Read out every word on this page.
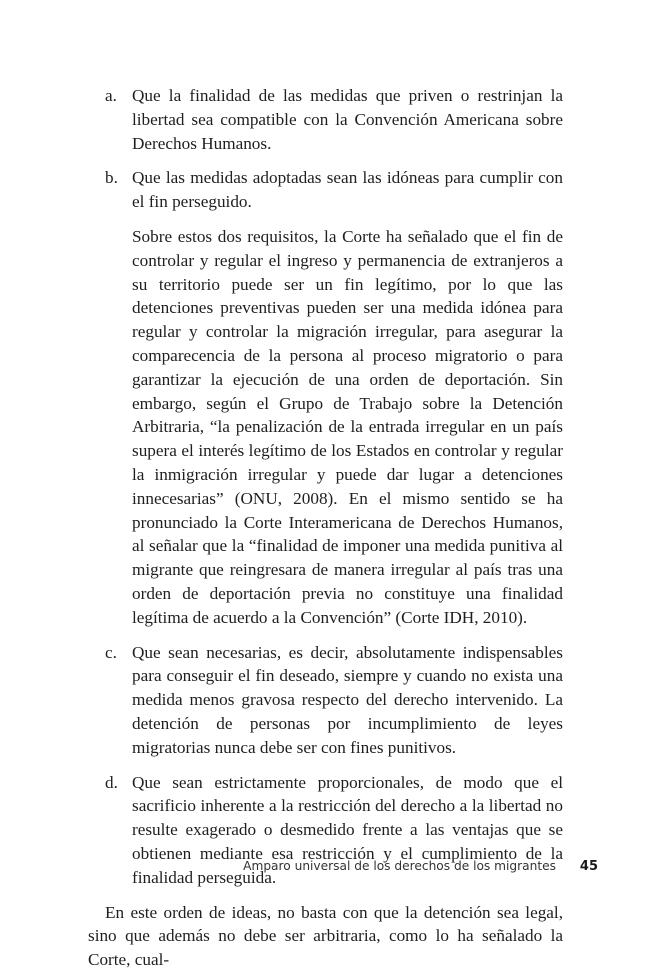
a. Que la finalidad de las medidas que priven o restrinjan la libertad sea compatible con la Convención Americana sobre Derechos Humanos.
b. Que las medidas adoptadas sean las idóneas para cumplir con el fin perseguido.
Sobre estos dos requisitos, la Corte ha señalado que el fin de controlar y regular el ingreso y permanencia de extranjeros a su territorio puede ser un fin legítimo, por lo que las detenciones preventivas pueden ser una medida idónea para regular y controlar la migración irregular, para asegurar la comparecencia de la persona al proceso migratorio o para garantizar la ejecución de una orden de deportación. Sin embargo, según el Grupo de Trabajo sobre la Detención Arbitraria, “la penalización de la entrada irregular en un país supera el interés legítimo de los Estados en controlar y regular la inmigración irregular y puede dar lugar a detenciones innecesarias” (ONU, 2008). En el mismo sentido se ha pronunciado la Corte Interamericana de Derechos Humanos, al señalar que la “finalidad de imponer una medida punitiva al migrante que reingresara de manera irregular al país tras una orden de deportación previa no constituye una finalidad legítima de acuerdo a la Convención” (Corte IDH, 2010).
c. Que sean necesarias, es decir, absolutamente indispensables para conseguir el fin deseado, siempre y cuando no exista una medida menos gravosa respecto del derecho intervenido. La detención de personas por incumplimiento de leyes migratorias nunca debe ser con fines punitivos.
d. Que sean estrictamente proporcionales, de modo que el sacrificio inherente a la restricción del derecho a la libertad no resulte exagerado o desmedido frente a las ventajas que se obtienen mediante esa restricción y el cumplimiento de la finalidad perseguida.

En este orden de ideas, no basta con que la detención sea legal, sino que además no debe ser arbitraria, como lo ha señalado la Corte, cual-

Amparo universal de los derechos de los migrantes 45
